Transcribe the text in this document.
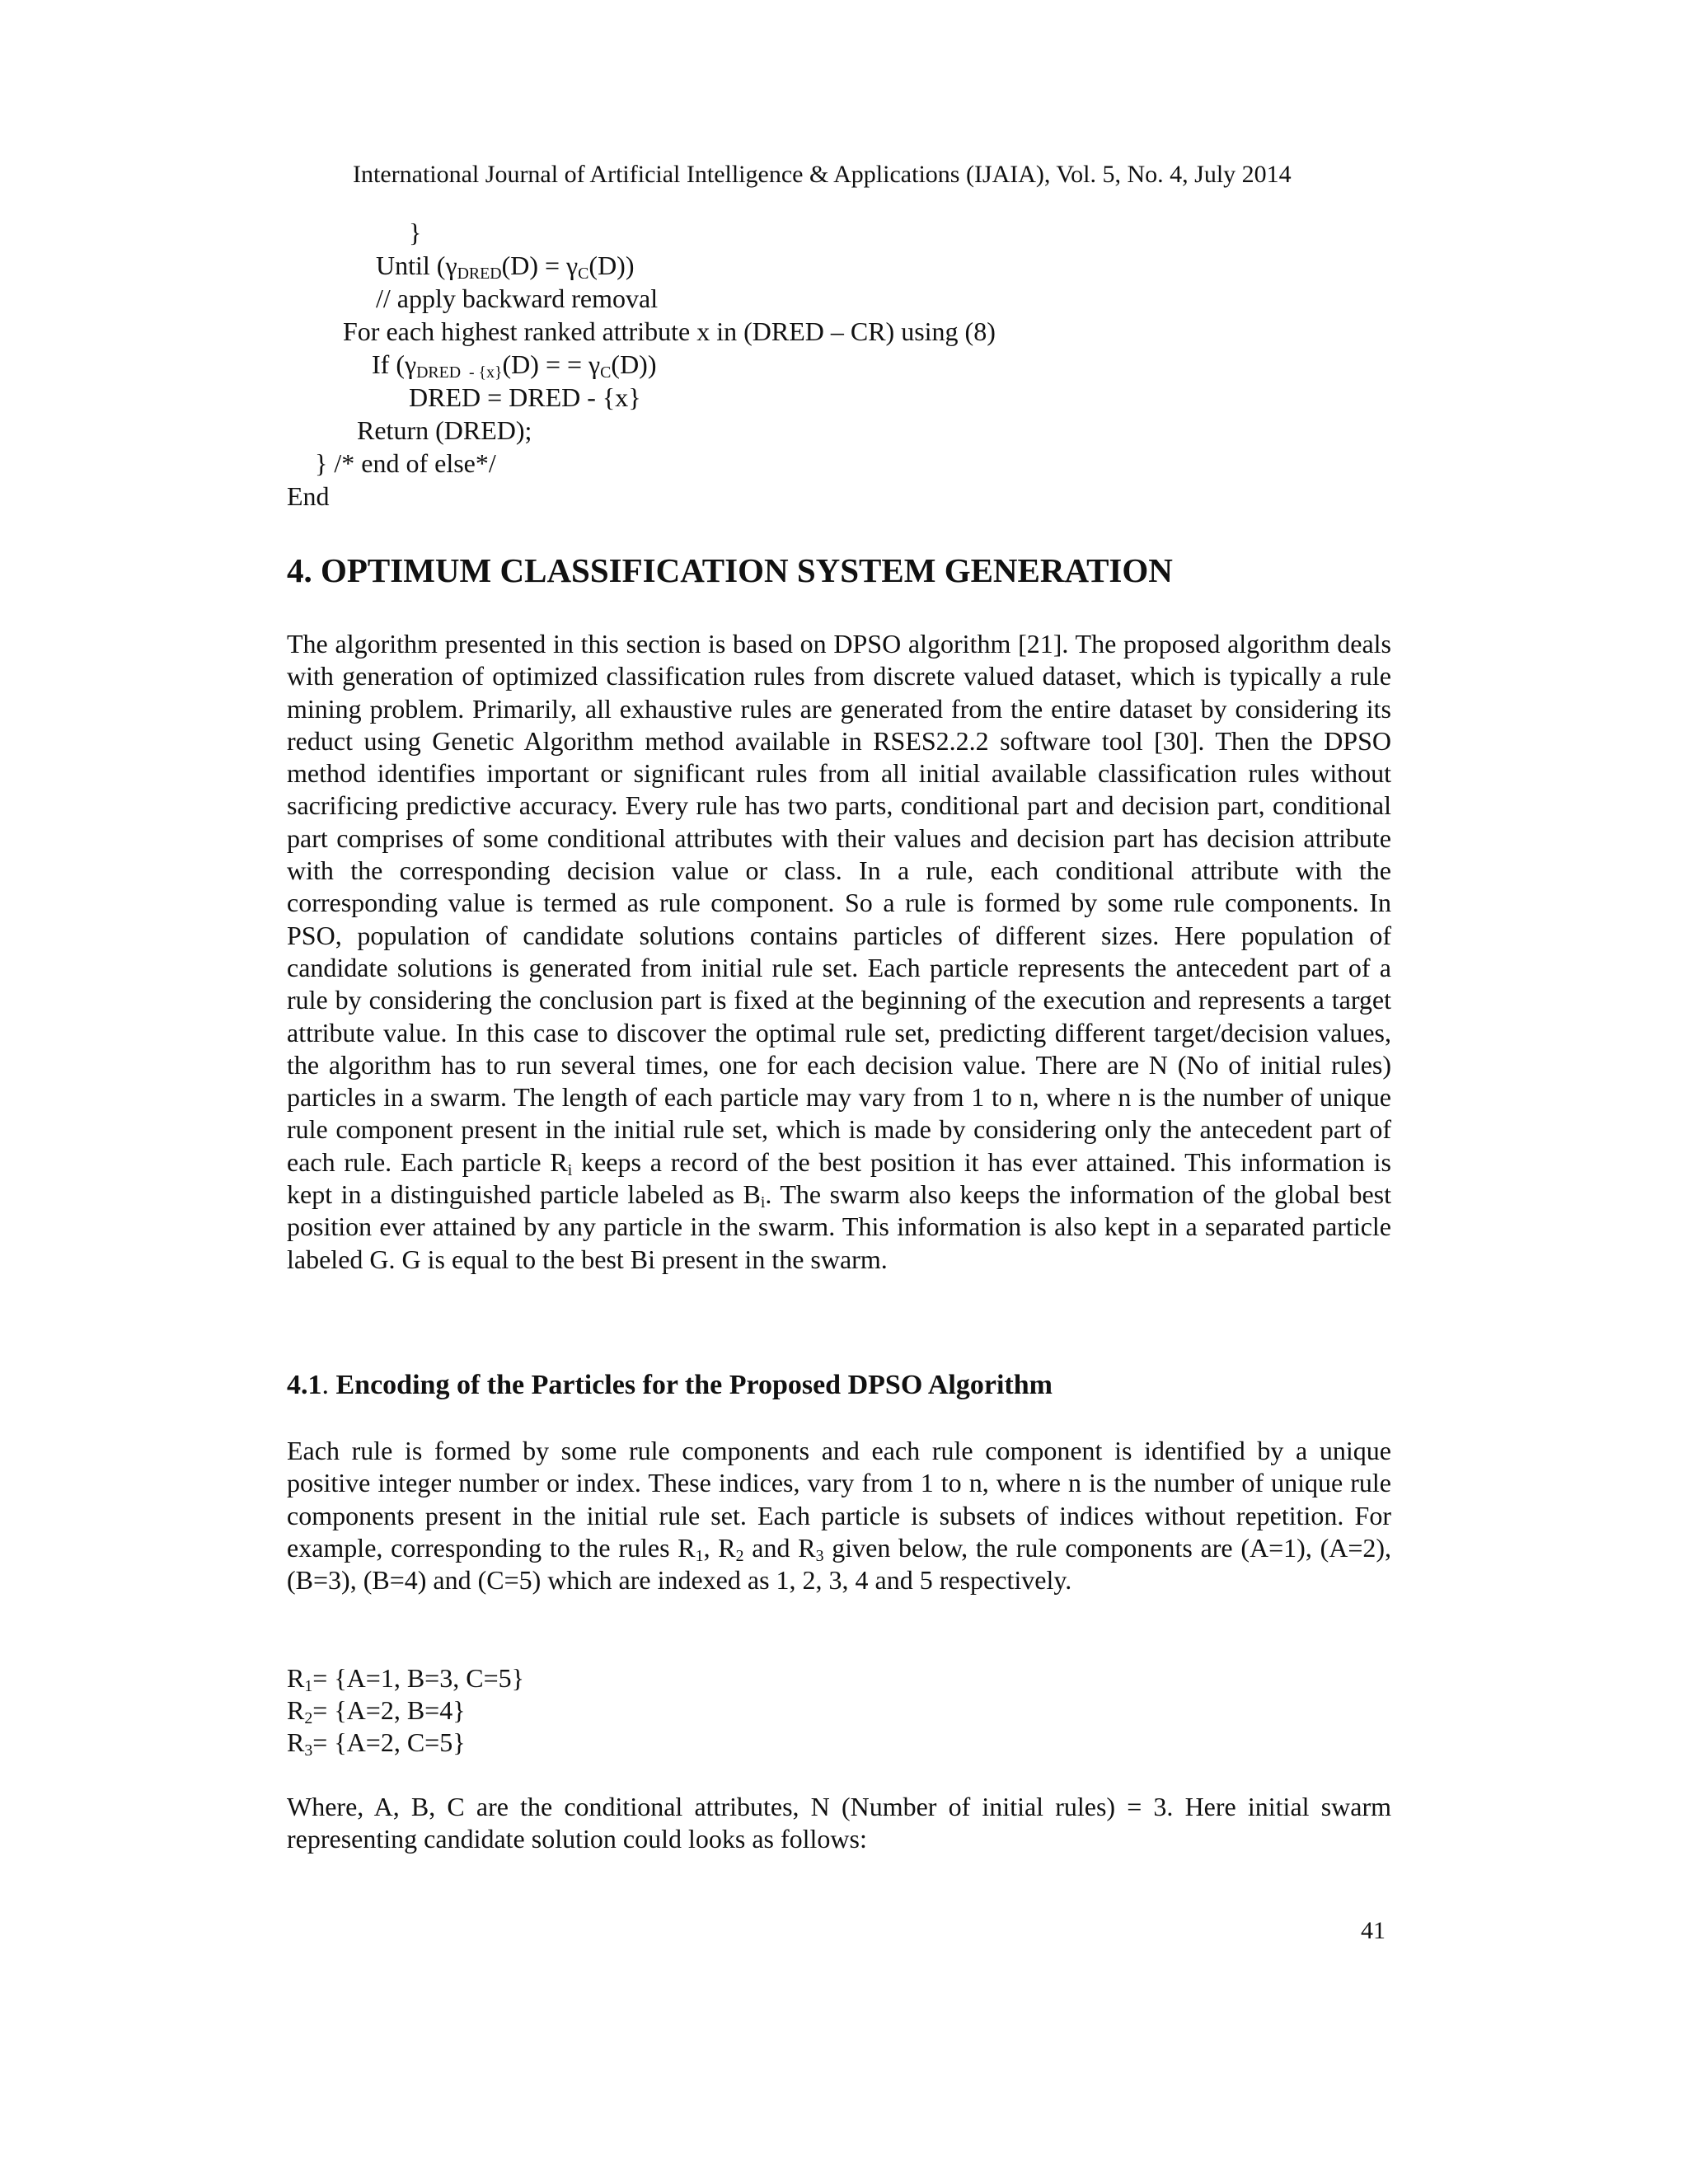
International Journal of Artificial Intelligence & Applications (IJAIA), Vol. 5, No. 4, July 2014
}
Until $(\gamma_{DRED}(D) = \gamma_C(D))$
// apply backward removal
For each highest ranked attribute x in (DRED – CR) using (8)
If ($\gamma_{DRED - \{x\}}(D)$ = = $\gamma_C(D)$)
DRED = DRED - {x}
Return (DRED);
} /* end of else*/
End
4. OPTIMUM CLASSIFICATION SYSTEM GENERATION

The algorithm presented in this section is based on DPSO algorithm [21]. The proposed algorithm deals with generation of optimized classification rules from discrete valued dataset, which is typically a rule mining problem. Primarily, all exhaustive rules are generated from the entire dataset by considering its reduct using Genetic Algorithm method available in RSES2.2.2 software tool [30]. Then the DPSO method identifies important or significant rules from all initial available classification rules without sacrificing predictive accuracy. Every rule has two parts, conditional part and decision part, conditional part comprises of some conditional attributes with their values and decision part has decision attribute with the corresponding decision value or class. In a rule, each conditional attribute with the corresponding value is termed as rule component. So a rule is formed by some rule components. In PSO, population of candidate solutions contains particles of different sizes. Here population of candidate solutions is generated from initial rule set. Each particle represents the antecedent part of a rule by considering the conclusion part is fixed at the beginning of the execution and represents a target attribute value. In this case to discover the optimal rule set, predicting different target/decision values, the algorithm has to run several times, one for each decision value. There are N (No of initial rules) particles in a swarm. The length of each particle may vary from 1 to n, where n is the number of unique rule component present in the initial rule set, which is made by considering only the antecedent part of each rule. Each particle $R_i$ keeps a record of the best position it has ever attained. This information is kept in a distinguished particle labeled as $B_i$. The swarm also keeps the information of the global best position ever attained by any particle in the swarm. This information is also kept in a separated particle labeled G. G is equal to the best Bi present in the swarm.

4.1. Encoding of the Particles for the Proposed DPSO Algorithm

Each rule is formed by some rule components and each rule component is identified by a unique positive integer number or index. These indices, vary from 1 to n, where n is the number of unique rule components present in the initial rule set. Each particle is subsets of indices without repetition. For example, corresponding to the rules $R_1$, $R_2$ and $R_3$ given below, the rule components are (A=1), (A=2), (B=3), (B=4) and (C=5) which are indexed as 1, 2, 3, 4 and 5 respectively.

$R_1= \{A=1$, B=3, C=5}
$R_2= \{A=2$, B=4}
$R_3= \{A=2$, C=5}

Where, A, B, C are the conditional attributes, N (Number of initial rules) = 3. Here initial swarm representing candidate solution could looks as follows:

41
